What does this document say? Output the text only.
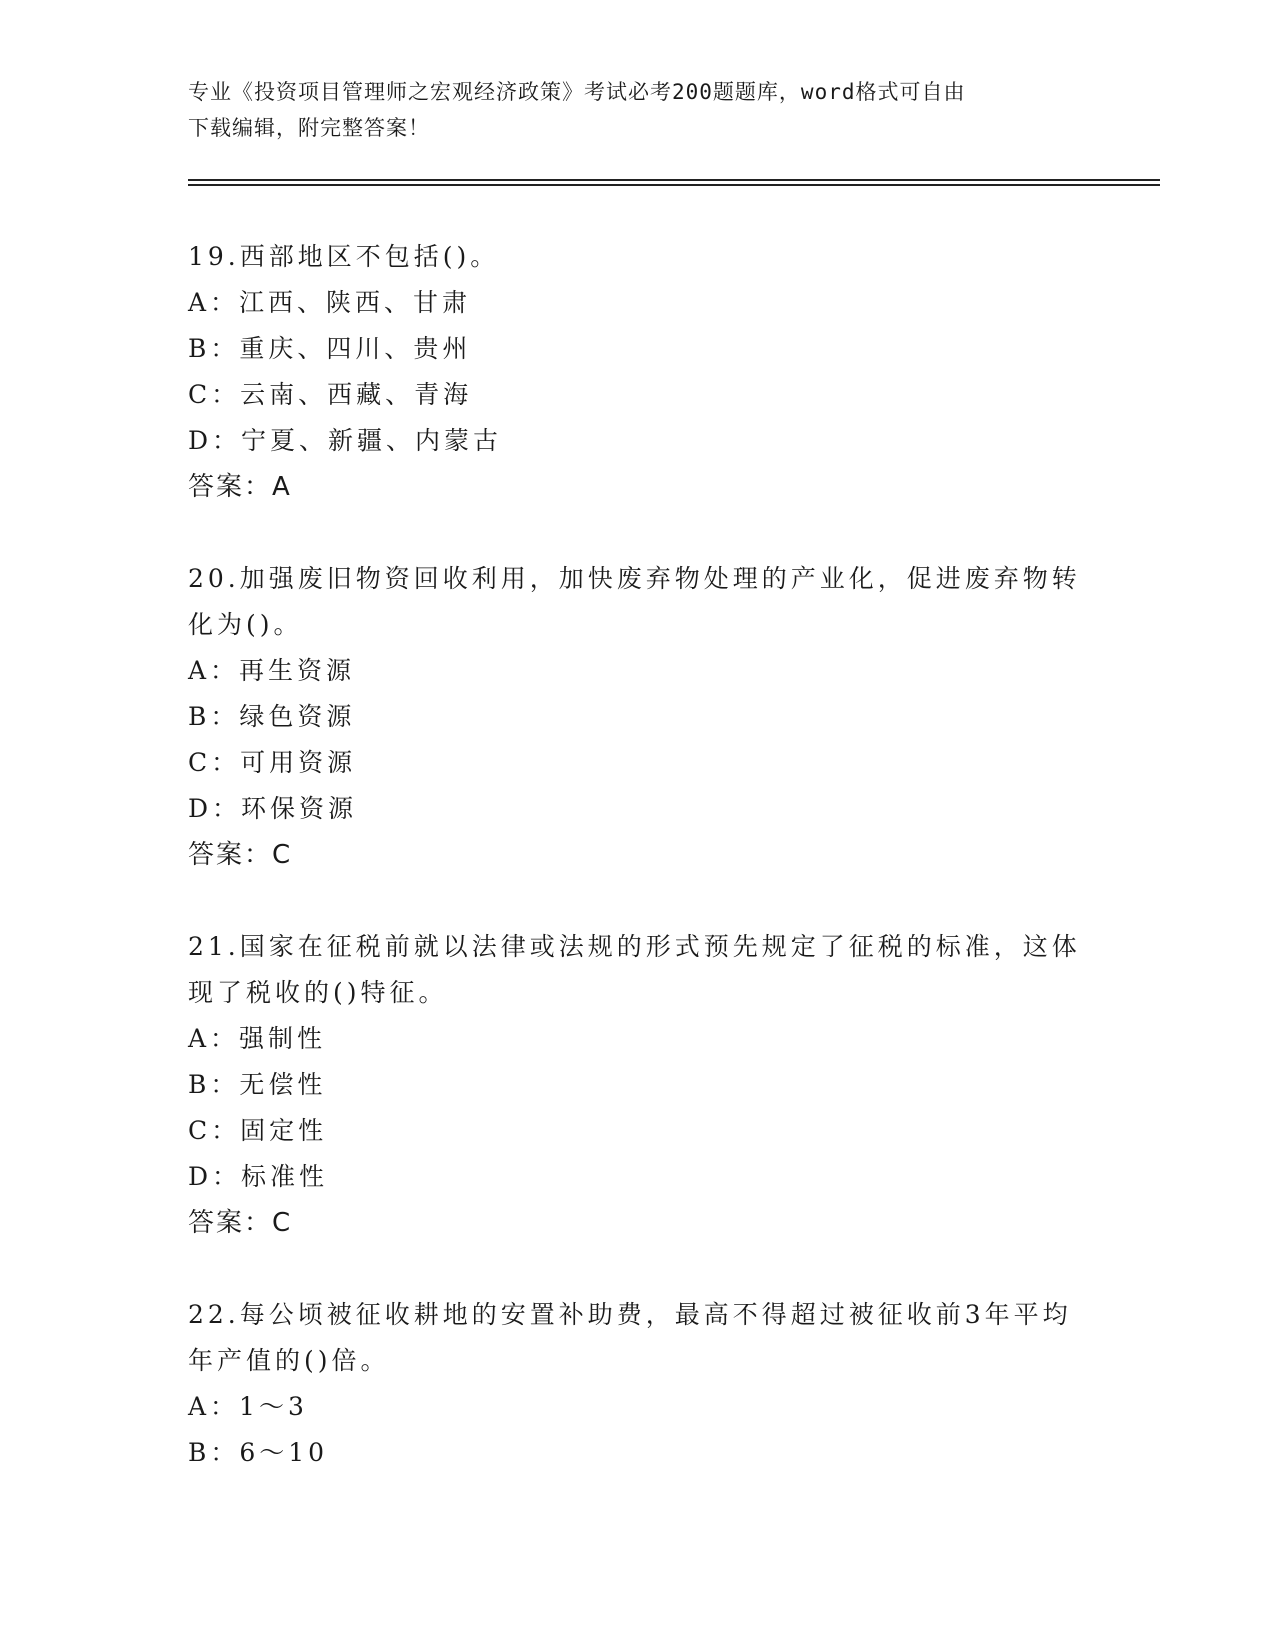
专业《投资项目管理师之宏观经济政策》考试必考200题题库，word格式可自由
下载编辑，附完整答案！
19.西部地区不包括()。
A：江西、陕西、甘肃
B：重庆、四川、贵州
C：云南、西藏、青海
D：宁夏、新疆、内蒙古
答案：A
20.加强废旧物资回收利用，加快废弃物处理的产业化，促进废弃物转
化为()。
A：再生资源
B：绿色资源
C：可用资源
D：环保资源
答案：C
21.国家在征税前就以法律或法规的形式预先规定了征税的标准，这体
现了税收的()特征。
A：强制性
B：无偿性
C：固定性
D：标准性
答案：C
22.每公顷被征收耕地的安置补助费，最高不得超过被征收前3年平均
年产值的()倍。
A：1～3
B：6～10
